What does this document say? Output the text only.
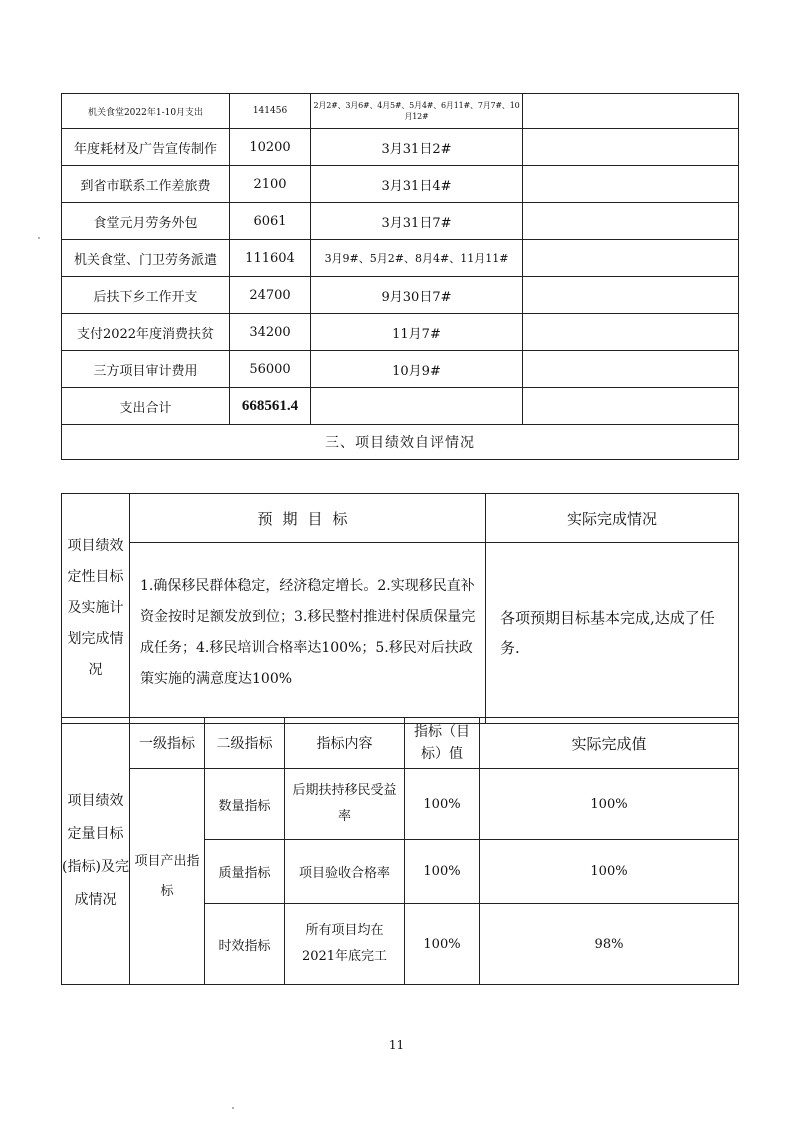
机关食堂2022年1-10月支出	141456	2月2#、3月6#、4月5#、5月4#、6月11#、7月7#、10月12#	
年度耗材及广告宣传制作	10200	3月31日2#	
到省市联系工作差旅费	2100	3月31日4#	
食堂元月劳务外包	6061	3月31日7#	
机关食堂、门卫劳务派遣	111604	3月9#、5月2#、8月4#、11月11#	
后扶下乡工作开支	24700	9月30日7#	
支付2022年度消费扶贫	34200	11月7#	
三方项目审计费用	56000	10月9#	
支出合计	668561.4		
三、项目绩效自评情况			
项目绩效定性目标及实施计划完成情况	预期目标	实际完成情况
	1.确保移民群体稳定，经济稳定增长。2.实现移民直补资金按时足额发放到位；3.移民整村推进村保质保量完成任务；4.移民培训合格率达100%；5.移民对后扶政策实施的满意度达100%	各项预期目标基本完成,达成了任务.
项目绩效定量目标(指标)及完成情况	一级指标	二级指标	指标内容	指标（目标）值	实际完成值
	项目产出指标	数量指标	后期扶持移民受益率	100%	100%
		质量指标	项目验收合格率	100%	100%
		时效指标	所有项目均在2021年底完工	100%	98%
11
